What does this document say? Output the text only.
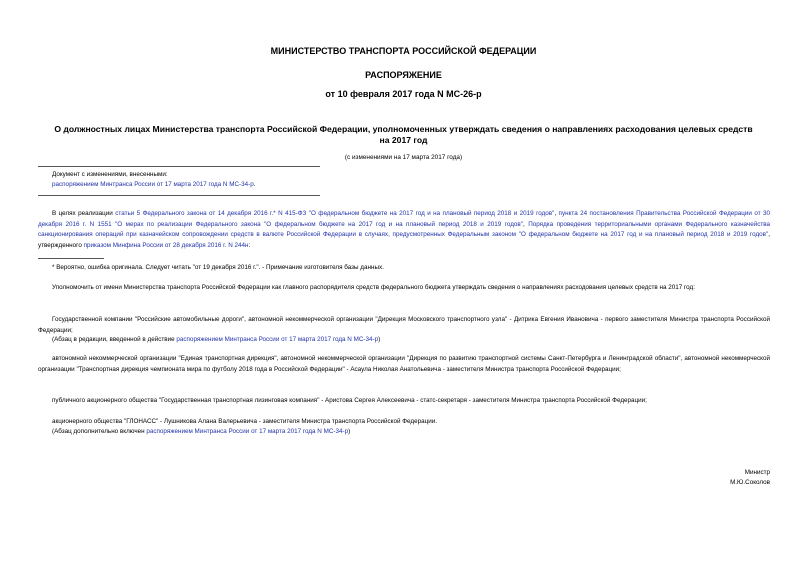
МИНИСТЕРСТВО ТРАНСПОРТА РОССИЙСКОЙ ФЕДЕРАЦИИ
РАСПОРЯЖЕНИЕ
от 10 февраля 2017 года N МС-26-р
О должностных лицах Министерства транспорта Российской Федерации, уполномоченных утверждать сведения о направлениях расходования целевых средств на 2017 год
(с изменениями на 17 марта 2017 года)
Документ с изменениями, внесенными:
распоряжением Минтранса России от 17 марта 2017 года N МС-34-р.
В целях реализации статьи 5 Федерального закона от 14 декабря 2016 г.* N 415-ФЗ "О федеральном бюджете на 2017 год и на плановый период 2018 и 2019 годов", пункта 24 постановления Правительства Российской Федерации от 30 декабря 2016 г. N 1551 "О мерах по реализации Федерального закона "О федеральном бюджете на 2017 год и на плановый период 2018 и 2019 годов", Порядка проведения территориальными органами Федерального казначейства санкционирования операций при казначейском сопровождении средств в валюте Российской Федерации в случаях, предусмотренных Федеральным законом "О федеральном бюджете на 2017 год и на плановый период 2018 и 2019 годов", утвержденного приказом Минфина России от 28 декабря 2016 г. N 244н:
* Вероятно, ошибка оригинала. Следует читать "от 19 декабря 2016 г.". - Примечание изготовителя базы данных.
Уполномочить от имени Министерства транспорта Российской Федерации как главного распорядителя средств федерального бюджета утверждать сведения о направлениях расходования целевых средств на 2017 год:
Государственной компании "Российские автомобильные дороги", автономной некоммерческой организации "Дирекция Московского транспортного узла" - Дитрика Евгения Ивановича - первого заместителя Министра транспорта Российской Федерации;
(Абзац в редакции, введенной в действие распоряжением Минтранса России от 17 марта 2017 года N МС-34-р)
автономной некоммерческой организации "Единая транспортная дирекция", автономной некоммерческой организации "Дирекция по развитию транспортной системы Санкт-Петербурга и Ленинградской области", автономной некоммерческой организации "Транспортная дирекция чемпионата мира по футболу 2018 года в Российской Федерации" - Асаула Николая Анатольевича - заместителя Министра транспорта Российской Федерации;
публичного акционерного общества "Государственная транспортная лизинговая компания" - Аристова Сергея Алексеевича - статс-секретаря - заместителя Министра транспорта Российской Федерации;
акционерного общества "ГЛОНАСС" - Лушникова Алана Валерьевича - заместителя Министра транспорта Российской Федерации.
(Абзац дополнительно включен распоряжением Минтранса России от 17 марта 2017 года N МС-34-р)
Министр
М.Ю.Соколов
